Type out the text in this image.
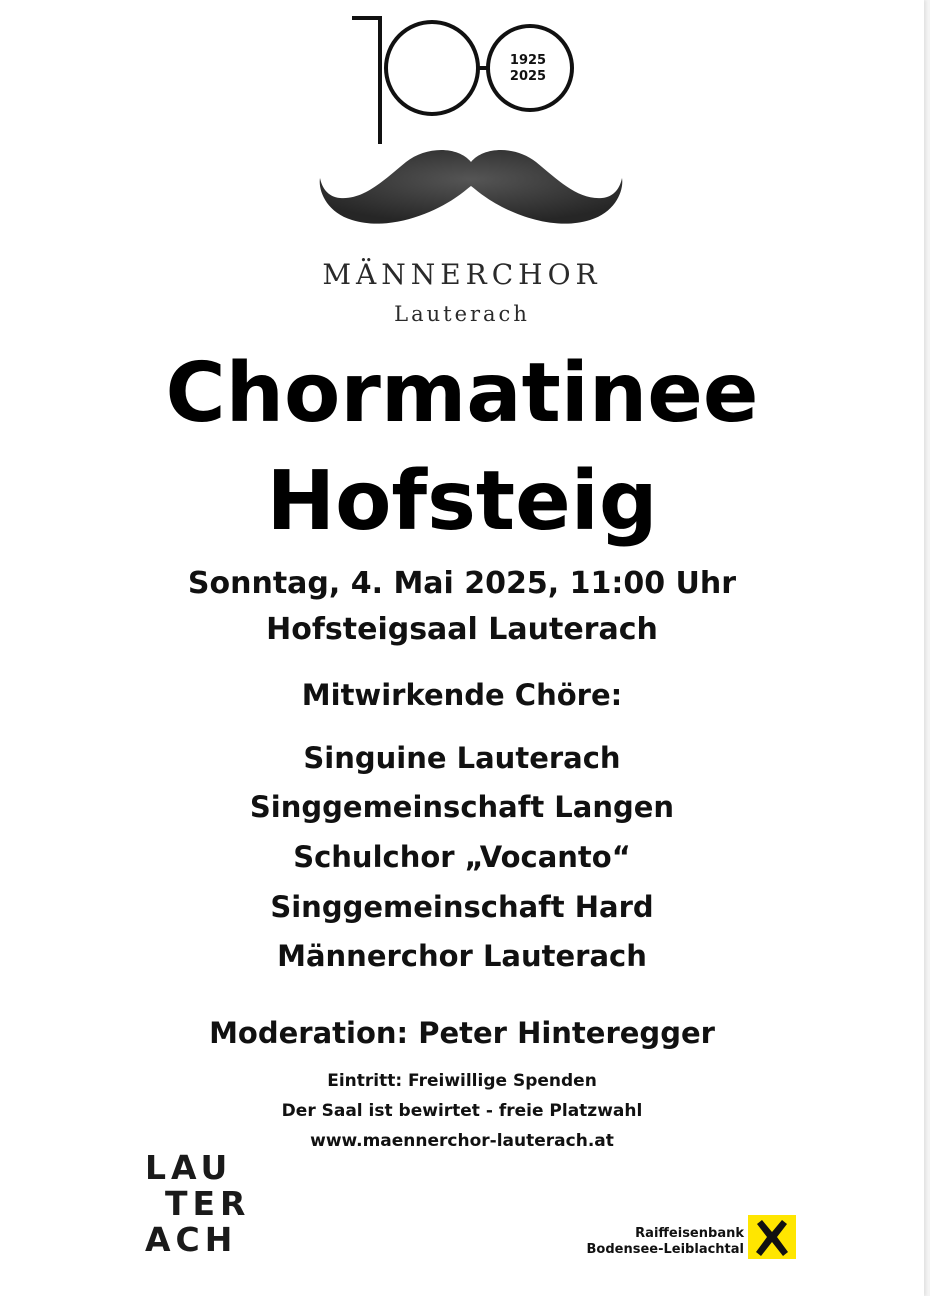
1925
2025
MÄNNERCHOR
Lauterach
Chormatinee
Hofsteig
Sonntag, 4. Mai 2025, 11:00 Uhr
Hofsteigsaal Lauterach
Mitwirkende Chöre:
Singuine Lauterach
Singgemeinschaft Langen
Schulchor „Vocanto“
Singgemeinschaft Hard
Männerchor Lauterach
Moderation: Peter Hinteregger
Eintritt: Freiwillige Spenden
Der Saal ist bewirtet - freie Platzwahl
www.maennerchor-lauterach.at
LAU
TER
ACH	Raiffeisenbank
Bodensee-Leiblachtal
